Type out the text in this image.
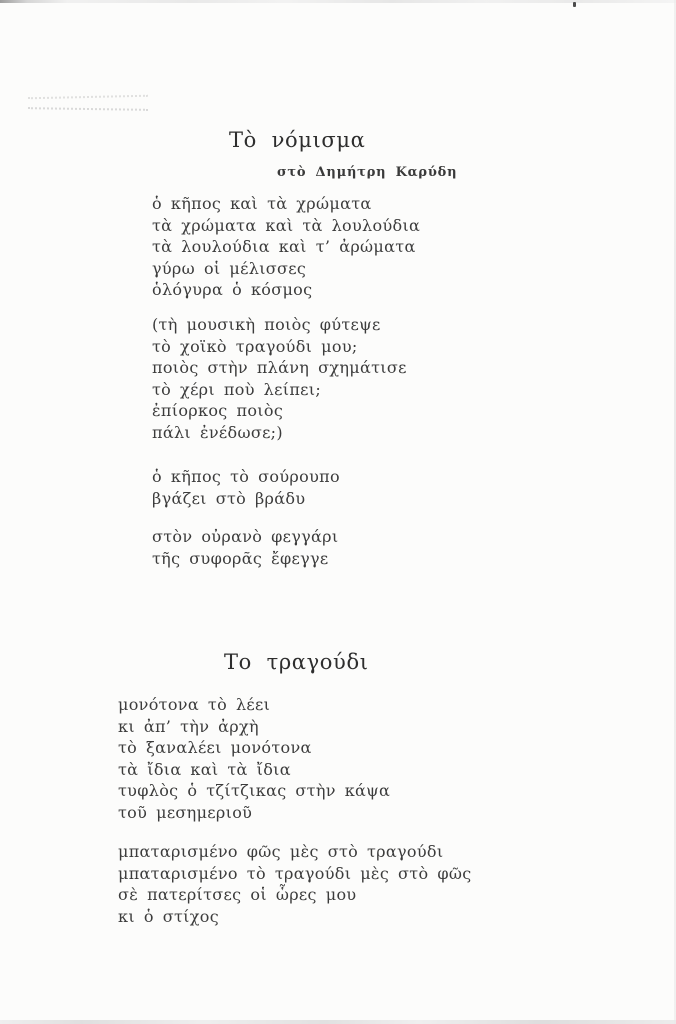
Τὸ νόμισμα
στὸ Δημήτρη Καρύδη
ὁ κῆπος καὶ τὰ χρώματα
τὰ χρώματα καὶ τὰ λουλούδια
τὰ λουλούδια καὶ τ’ ἀρώματα
γύρω οἱ μέλισσες
ὁλόγυρα ὁ κόσμος
(τὴ μουσικὴ ποιὸς φύτεψε
τὸ χοϊκὸ τραγούδι μου;
ποιὸς στὴν πλάνη σχημάτισε
τὸ χέρι ποὺ λείπει;
ἐπίορκος ποιὸς
πάλι ἐνέδωσε;)
ὁ κῆπος τὸ σούρουπο
βγάζει στὸ βράδυ
στὸν οὐρανὸ φεγγάρι
τῆς συφορᾶς ἔφεγγε
Το τραγούδι
μονότονα τὸ λέει
κι ἀπ’ τὴν ἀρχὴ
τὸ ξαναλέει μονότονα
τὰ ἴδια καὶ τὰ ἴδια
τυφλὸς ὁ τζίτζικας στὴν κάψα
τοῦ μεσημεριοῦ
μπαταρισμένο φῶς μὲς στὸ τραγούδι
μπαταρισμένο τὸ τραγούδι μὲς στὸ φῶς
σὲ πατερίτσες οἱ ὧρες μου
κι ὁ στίχος
